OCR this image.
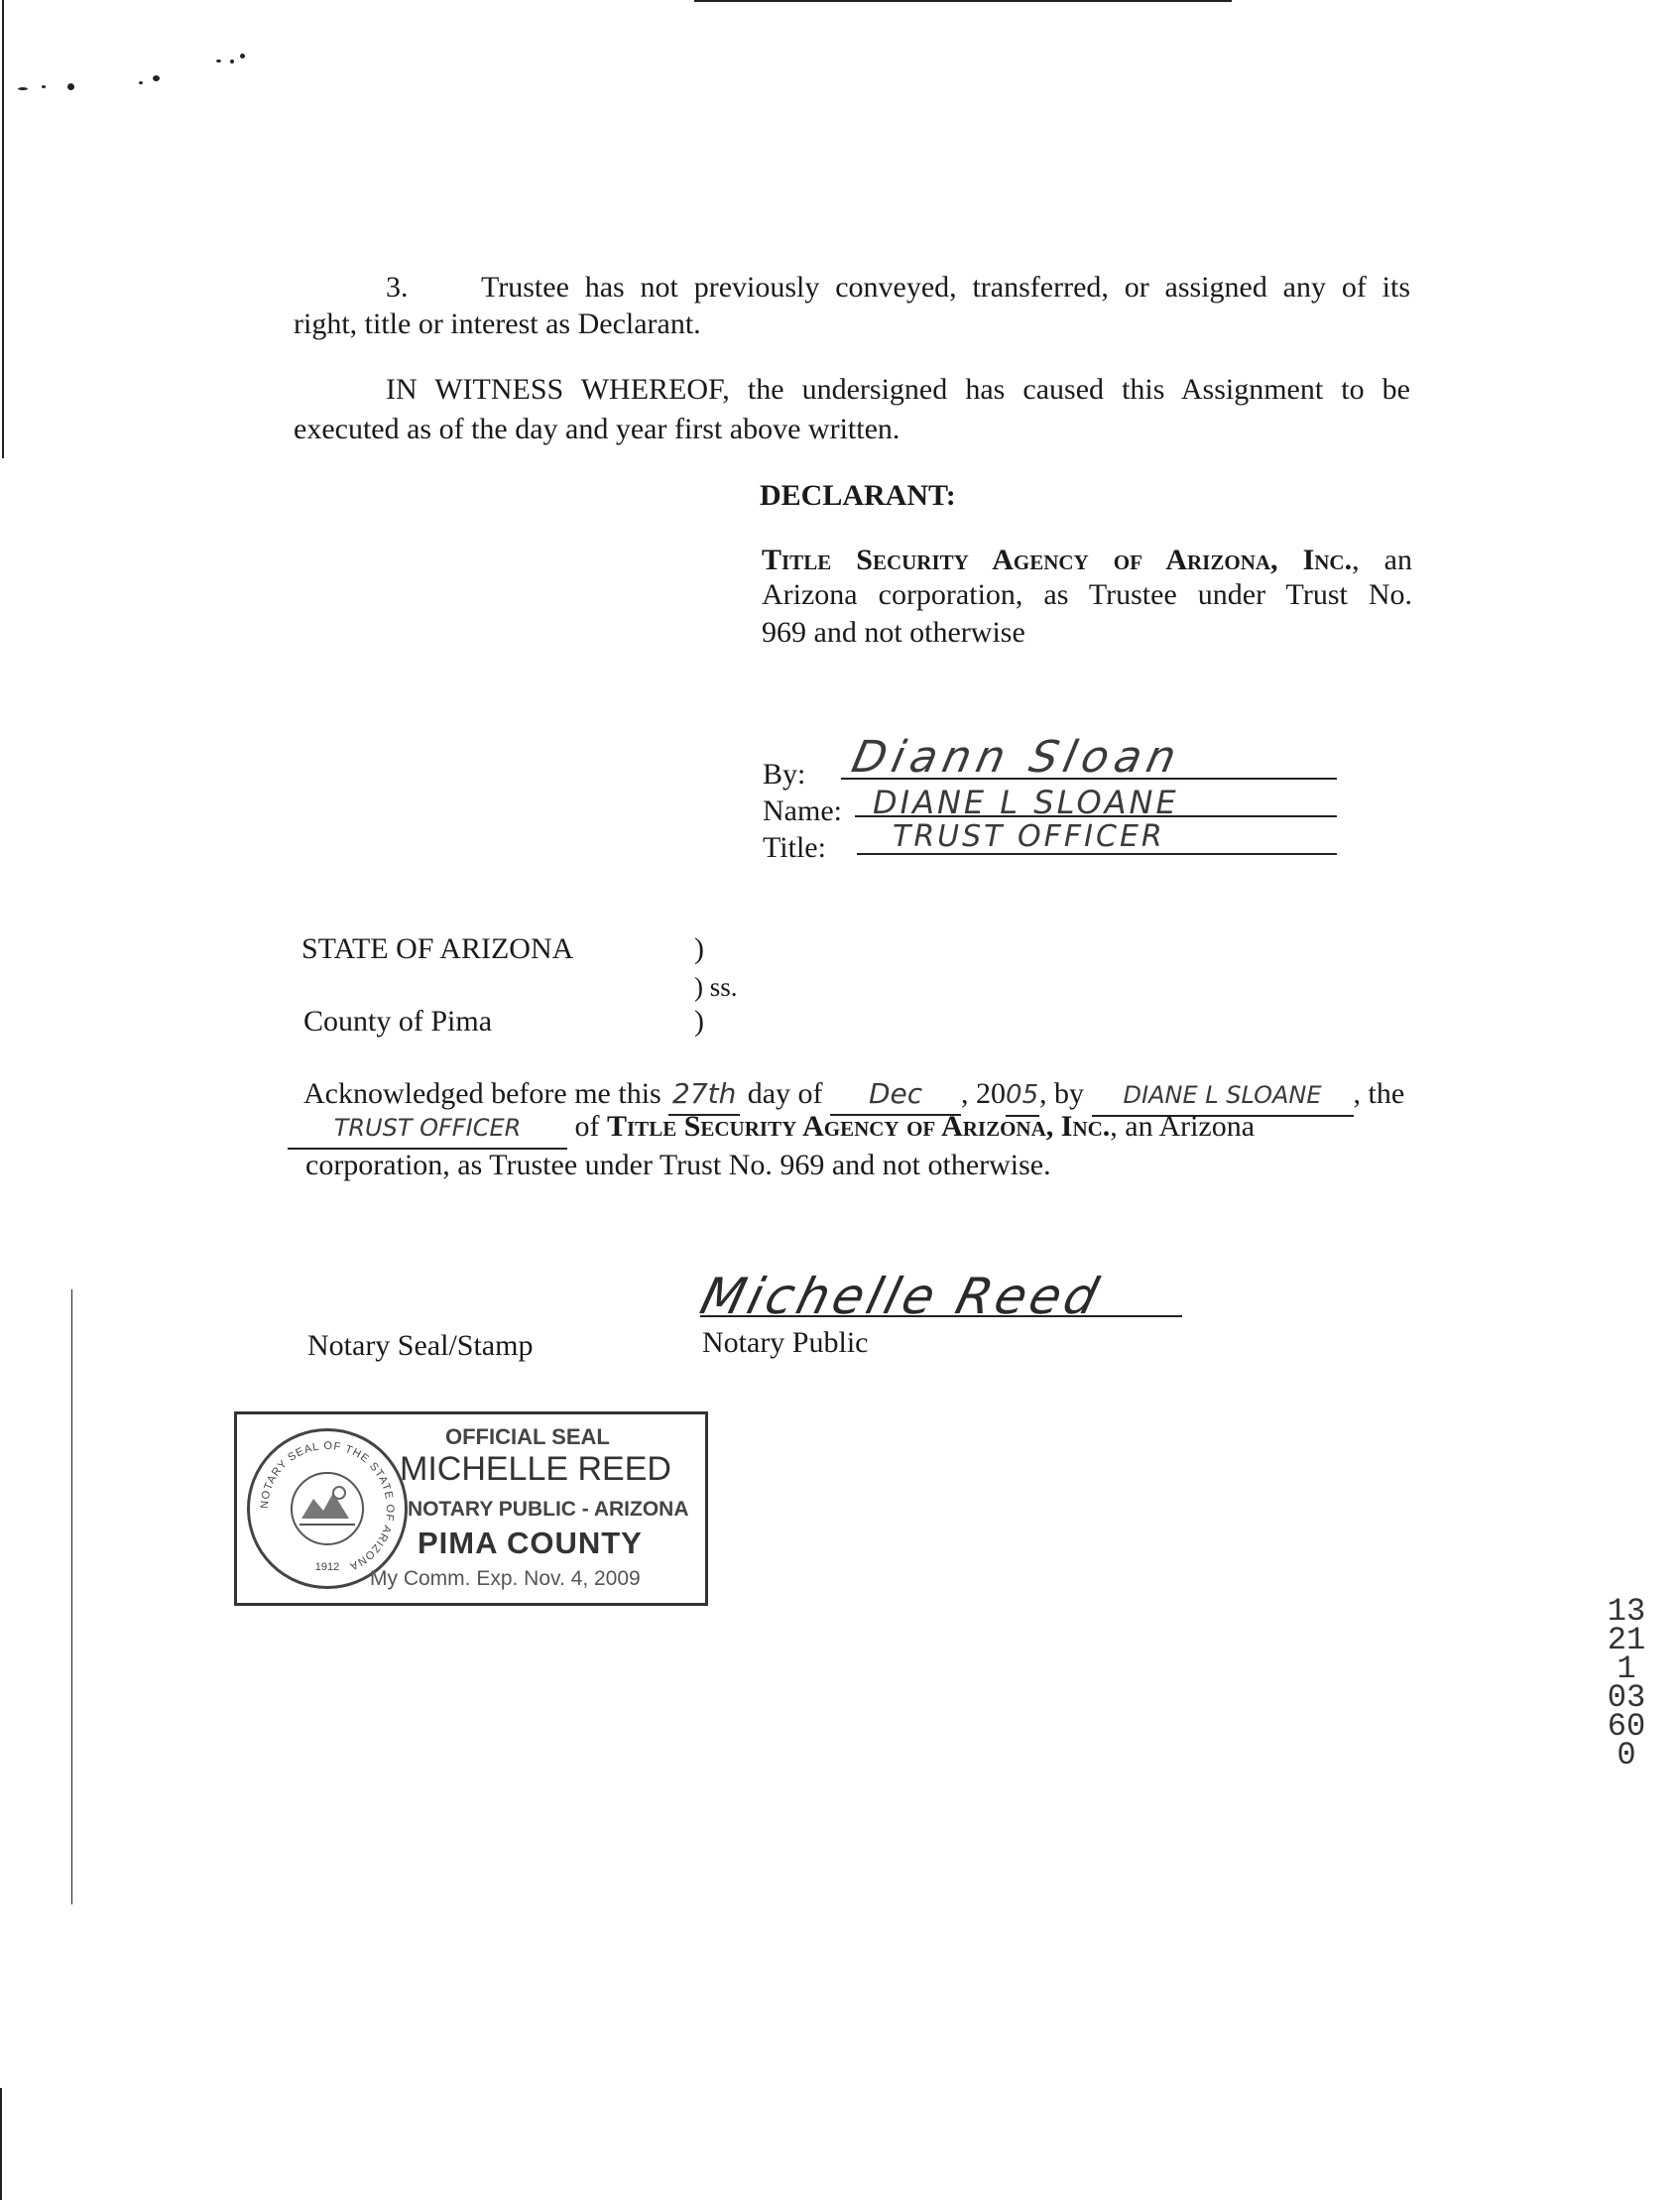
3. Trustee has not previously conveyed, transferred, or assigned any of its
right, title or interest as Declarant.
IN WITNESS WHEREOF, the undersigned has caused this Assignment to be
executed as of the day and year first above written.
DECLARANT:
Title Security Agency of Arizona, Inc., an
Arizona corporation, as Trustee under Trust No.
969 and not otherwise
By: Diann Sloan
Name: DIANE L SLOANE
Title: TRUST OFFICER
STATE OF ARIZONA	)
) ss.
County of Pima	)
Acknowledged before me this 27th day of Dec , 2005, by DIANE L SLOANE , the
TRUST OFFICER of Title Security Agency of Arizona, Inc., an Arizona
corporation, as Trustee under Trust No. 969 and not otherwise.
Michelle Reed
Notary Seal/Stamp	Notary Public
NOTARY SEAL OF THE STATE OF ARIZONA
1912
OFFICIAL SEAL
MICHELLE REED
NOTARY PUBLIC - ARIZONA
PIMA COUNTY
My Comm. Exp. Nov. 4, 2009
13211 03600
